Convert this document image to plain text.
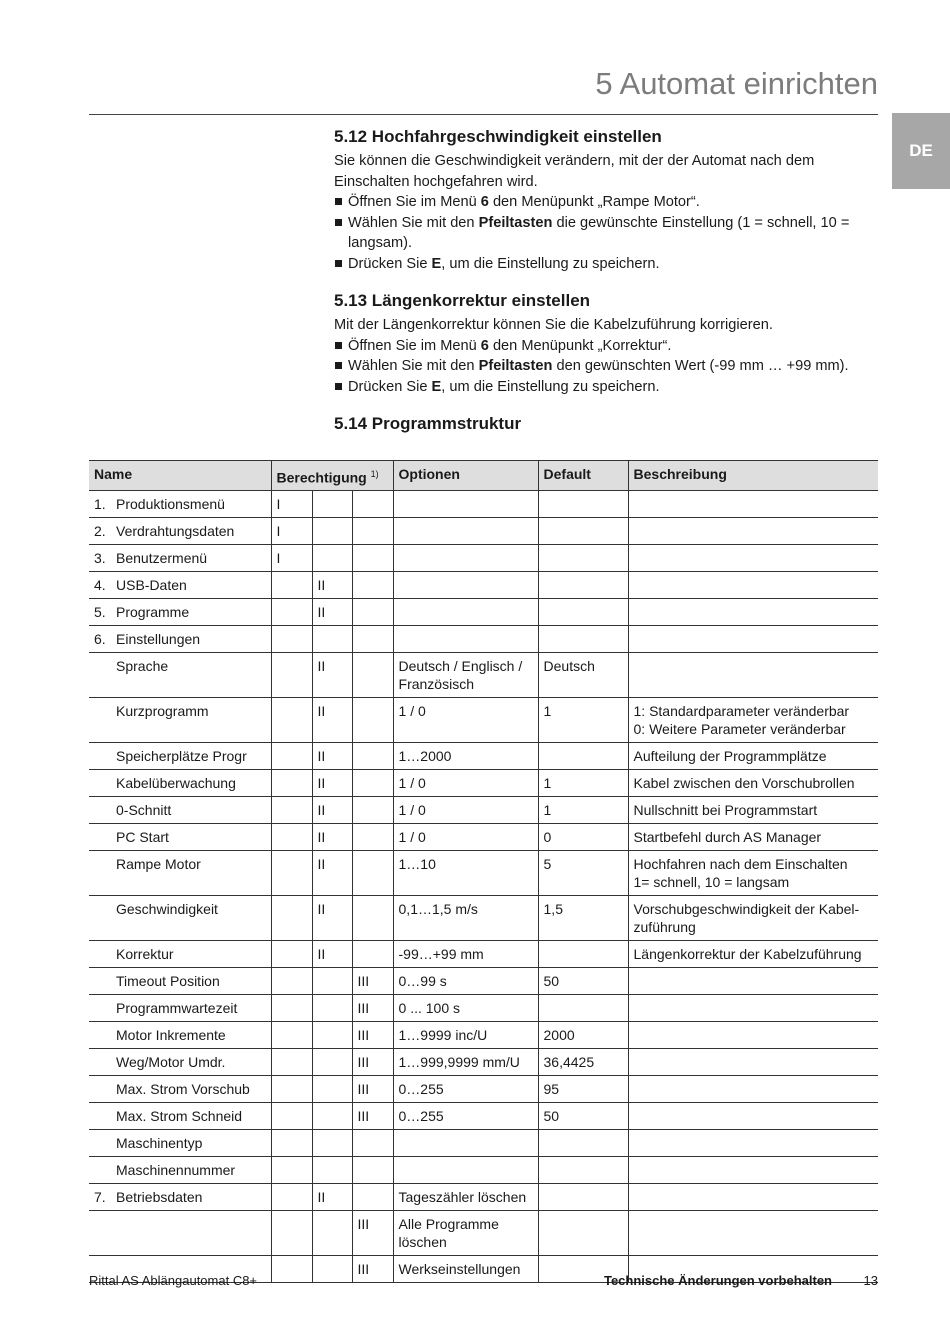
5 Automat einrichten
DE
5.12 Hochfahrgeschwindigkeit einstellen

Sie können die Geschwindigkeit verändern, mit der der Automat nach dem Einschalten hochgefahren wird.

Öffnen Sie im Menü 6 den Menüpunkt „Rampe Motor“.
Wählen Sie mit den Pfeiltasten die gewünschte Einstellung (1 = schnell, 10 = langsam).
Drücken Sie E, um die Einstellung zu speichern.
5.13 Längenkorrektur einstellen

Mit der Längenkorrektur können Sie die Kabelzuführung korrigieren.

Öffnen Sie im Menü 6 den Menüpunkt „Korrektur“.
Wählen Sie mit den Pfeiltasten den gewünschten Wert (-99 mm … +99 mm).
Drücken Sie E, um die Einstellung zu speichern.
5.14 Programmstruktur
Name	Berechtigung $^{1)}$			Optionen	Default	Beschreibung
1. Produktionsmenü	I					
2. Verdrahtungsdaten	I					
3. Benutzermenü	I					
4. USB-Daten		II				
5. Programme		II				
6. Einstellungen						
Sprache		II		Deutsch / Englisch / Französisch	Deutsch	
Kurzprogramm		II		1 / 0	1	1: Standardparameter veränderbar
0: Weitere Parameter veränderbar
Speicherplätze Progr		II		1…2000		Aufteilung der Programmplätze
Kabelüberwachung		II		1 / 0	1	Kabel zwischen den Vorschubrollen
0-Schnitt		II		1 / 0	1	Nullschnitt bei Programmstart
PC Start		II		1 / 0	0	Startbefehl durch AS Manager
Rampe Motor		II		1…10	5	Hochfahren nach dem Einschalten
1= schnell, 10 = langsam
Geschwindigkeit		II		0,1…1,5 m/s	1,5	Vorschubgeschwindigkeit der Kabel-
zuführung
Korrektur		II		-99…+99 mm		Längenkorrektur der Kabelzuführung
Timeout Position			III	0…99 s	50	
Programmwartezeit			III	0 ... 100 s		
Motor Inkremente			III	1…9999 inc/U	2000	
Weg/Motor Umdr.			III	1…999,9999 mm/U	36,4425	
Max. Strom Vorschub			III	0…255	95	
Max. Strom Schneid			III	0…255	50	
Maschinentyp						
Maschinennummer						
7. Betriebsdaten		II		Tageszähler löschen		
			III	Alle Programme löschen		
			III	Werkseinstellungen		
Rittal AS Ablängautomat C8+	Technische Änderungen vorbehalten 13
